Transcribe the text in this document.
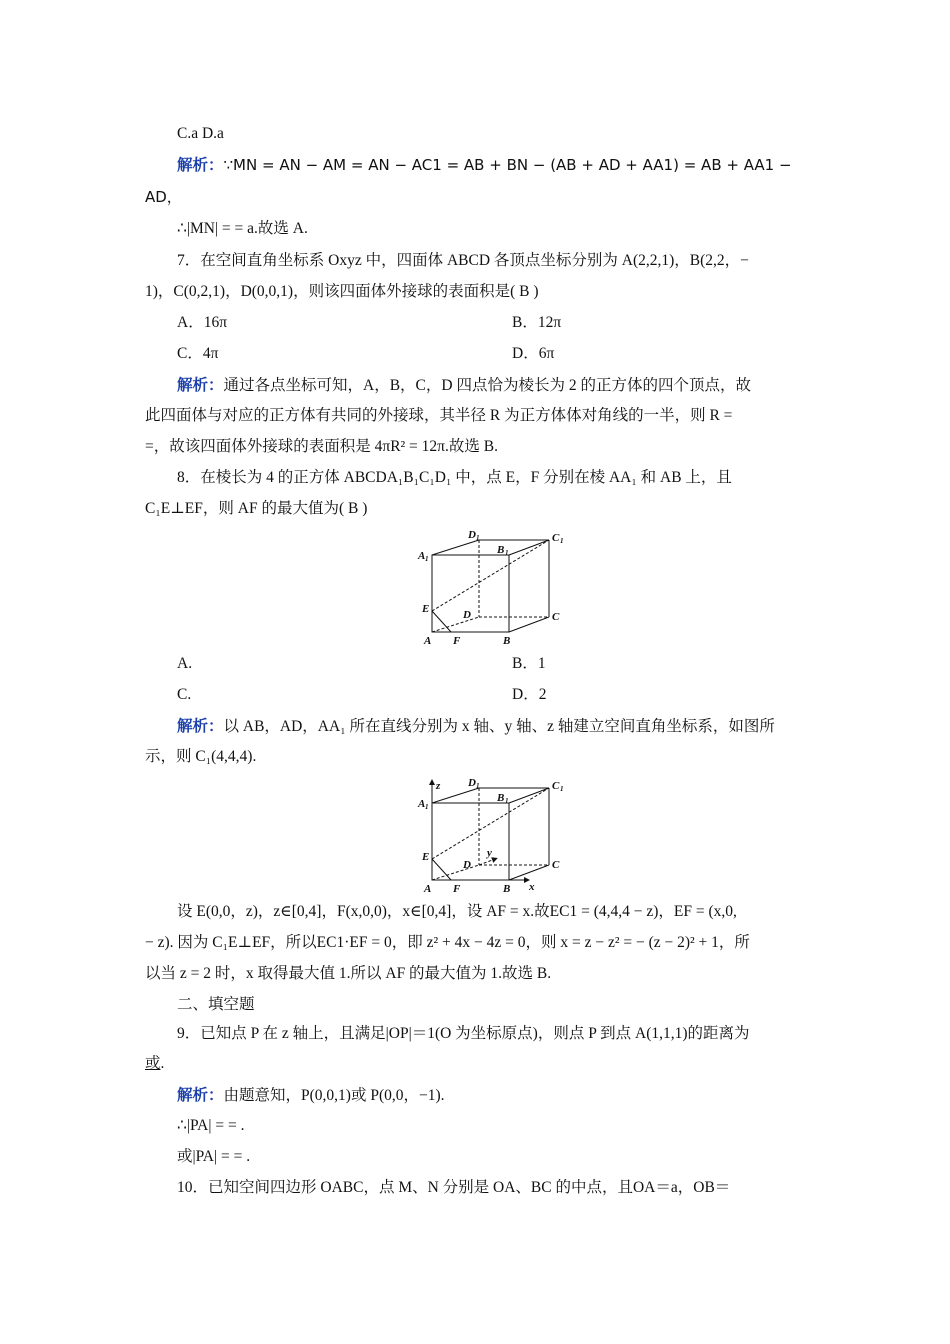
C.a D.a
解析：∵MN = AN − AM = AN − AC1 = AB + BN − (AB + AD + AA1) = AB + AA1 −
AD，
∴|MN| = = a.故选 A.
7．在空间直角坐标系 Oxyz 中，四面体 ABCD 各顶点坐标分别为 A(2,2,1)，B(2,2，−
1)，C(0,2,1)，D(0,0,1)，则该四面体外接球的表面积是( B )
A．16π	B．12π
C．4π	D．6π
解析：通过各点坐标可知，A，B，C，D 四点恰为棱长为 2 的正方体的四个顶点，故
此四面体与对应的正方体有共同的外接球，其半径 R 为正方体体对角线的一半，则 R =
=，故该四面体外接球的表面积是 4πR² = 12π.故选 B.
8．在棱长为 4 的正方体 ABCDA₁B₁C₁D₁ 中，点 E，F 分别在棱 AA₁ 和 AB 上，且
C₁E⊥EF，则 AF 的最大值为( B )
A 1
D 1
B 1
C 1
E	D	C
A F	B
A.	B．1
C.	D．2
解析：以 AB，AD，AA₁ 所在直线分别为 x 轴、y 轴、z 轴建立空间直角坐标系，如图所
示，则 C₁(4,4,4).
z
y
x
A 1
D 1
B 1
C 1
E
D	C
A F	B
设 E(0,0，z)，z∈[0,4]，F(x,0,0)，x∈[0,4]，设 AF = x.故EC1 = (4,4,4 − z)，EF = (x,0,
− z). 因为 C₁E⊥EF，所以EC1·EF = 0，即 z² + 4x − 4z = 0，则 x = z − z² = − (z − 2)² + 1，所
以当 z = 2 时，x 取得最大值 1.所以 AF 的最大值为 1.故选 B.
二、填空题
9．已知点 P 在 z 轴上，且满足|OP|＝1(O 为坐标原点)，则点 P 到点 A(1,1,1)的距离为
或.
解析：由题意知，P(0,0,1)或 P(0,0，−1).
∴|PA| = = .
或|PA| = = .
10．已知空间四边形 OABC，点 M、N 分别是 OA、BC 的中点，且OA＝a，OB＝
